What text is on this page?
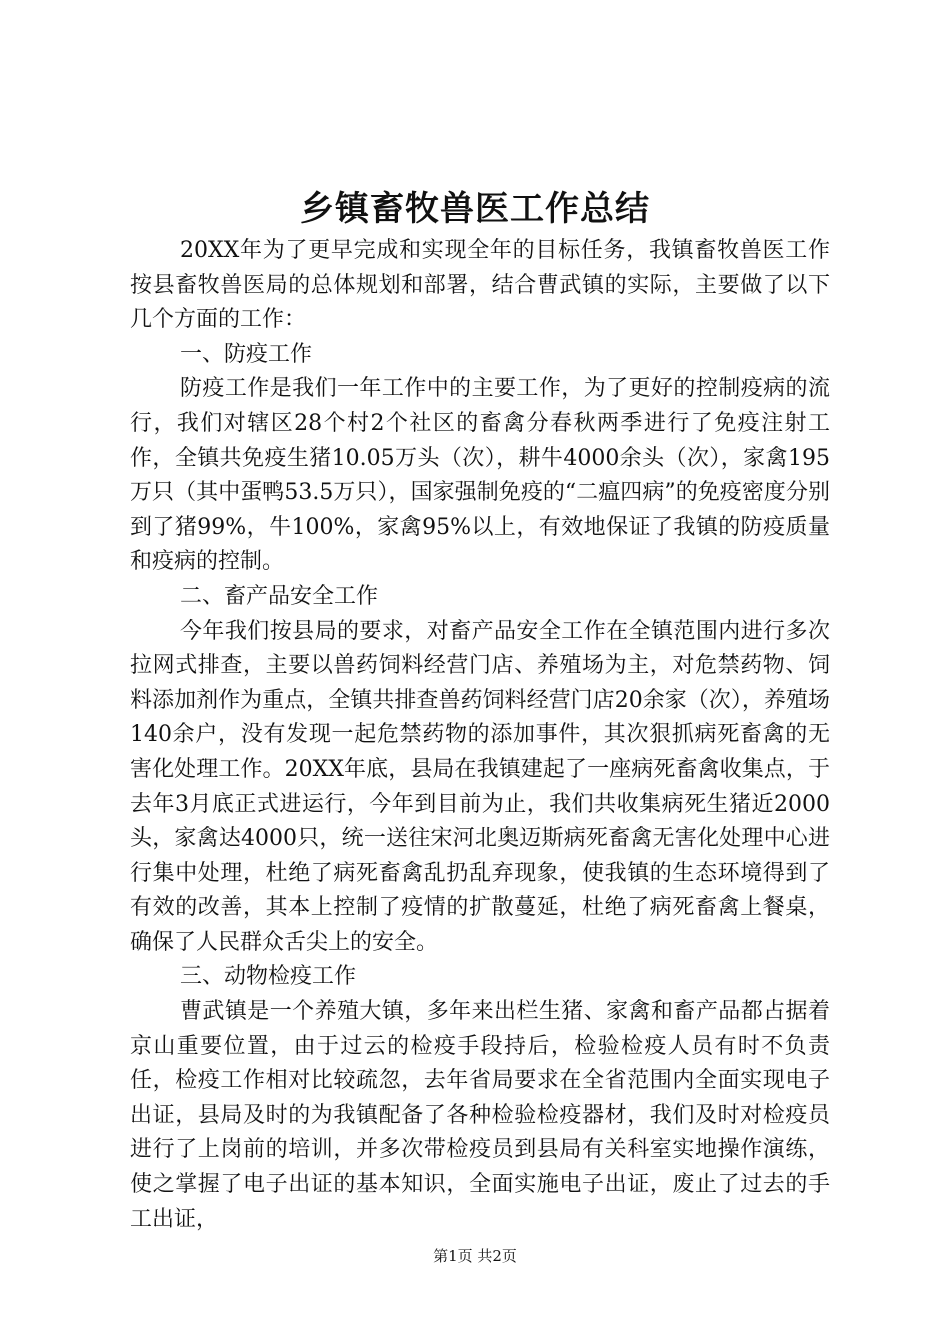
乡镇畜牧兽医工作总结

20XX年为了更早完成和实现全年的目标任务，我镇畜牧兽医工作按县畜牧兽医局的总体规划和部署，结合曹武镇的实际，主要做了以下几个方面的工作：

一、防疫工作

防疫工作是我们一年工作中的主要工作，为了更好的控制疫病的流行，我们对辖区28个村2个社区的畜禽分春秋两季进行了免疫注射工作，全镇共免疫生猪10.05万头（次），耕牛4000余头（次），家禽195万只（其中蛋鸭53.5万只），国家强制免疫的“二瘟四病”的免疫密度分别到了猪99%，牛100%，家禽95%以上，有效地保证了我镇的防疫质量和疫病的控制。

二、畜产品安全工作

今年我们按县局的要求，对畜产品安全工作在全镇范围内进行多次拉网式排查，主要以兽药饲料经营门店、养殖场为主，对危禁药物、饲料添加剂作为重点，全镇共排查兽药饲料经营门店20余家（次），养殖场140余户，没有发现一起危禁药物的添加事件，其次狠抓病死畜禽的无害化处理工作。20XX年底，县局在我镇建起了一座病死畜禽收集点，于去年3月底正式进运行，今年到目前为止，我们共收集病死生猪近2000头，家禽达4000只，统一送往宋河北奥迈斯病死畜禽无害化处理中心进行集中处理，杜绝了病死畜禽乱扔乱弃现象，使我镇的生态环境得到了有效的改善，其本上控制了疫情的扩散蔓延，杜绝了病死畜禽上餐桌，确保了人民群众舌尖上的安全。

三、动物检疫工作

曹武镇是一个养殖大镇，多年来出栏生猪、家禽和畜产品都占据着京山重要位置，由于过云的检疫手段持后，检验检疫人员有时不负责任，检疫工作相对比较疏忽，去年省局要求在全省范围内全面实现电子出证，县局及时的为我镇配备了各种检验检疫器材，我们及时对检疫员进行了上岗前的培训，并多次带检疫员到县局有关科室实地操作演练，使之掌握了电子出证的基本知识，全面实施电子出证，废止了过去的手工出证，

第1页 共2页
